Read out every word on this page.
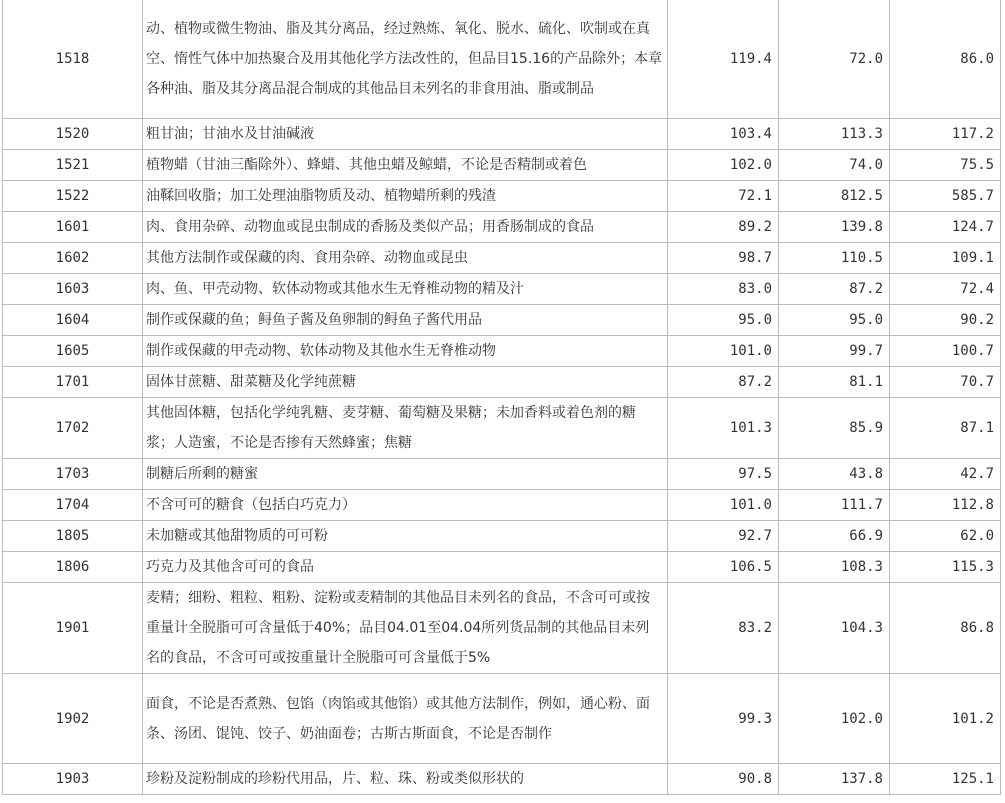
1518	动、植物或微生物油、脂及其分离品，经过熟炼、氧化、脱水、硫化、吹制或在真空、惰性气体中加热聚合及用其他化学方法改性的，但品目15.16的产品除外；本章各种油、脂及其分离品混合制成的其他品目未列名的非食用油、脂或制品	119.4	72.0	86.0
1520	粗甘油；甘油水及甘油碱液	103.4	113.3	117.2
1521	植物蜡（甘油三酯除外）、蜂蜡、其他虫蜡及鲸蜡，不论是否精制或着色	102.0	74.0	75.5
1522	油鞣回收脂；加工处理油脂物质及动、植物蜡所剩的残渣	72.1	812.5	585.7
1601	肉、食用杂碎、动物血或昆虫制成的香肠及类似产品；用香肠制成的食品	89.2	139.8	124.7
1602	其他方法制作或保藏的肉、食用杂碎、动物血或昆虫	98.7	110.5	109.1
1603	肉、鱼、甲壳动物、软体动物或其他水生无脊椎动物的精及汁	83.0	87.2	72.4
1604	制作或保藏的鱼；鲟鱼子酱及鱼卵制的鲟鱼子酱代用品	95.0	95.0	90.2
1605	制作或保藏的甲壳动物、软体动物及其他水生无脊椎动物	101.0	99.7	100.7
1701	固体甘蔗糖、甜菜糖及化学纯蔗糖	87.2	81.1	70.7
1702	其他固体糖，包括化学纯乳糖、麦芽糖、葡萄糖及果糖；未加香料或着色剂的糖浆；人造蜜，不论是否掺有天然蜂蜜；焦糖	101.3	85.9	87.1
1703	制糖后所剩的糖蜜	97.5	43.8	42.7
1704	不含可可的糖食（包括白巧克力）	101.0	111.7	112.8
1805	未加糖或其他甜物质的可可粉	92.7	66.9	62.0
1806	巧克力及其他含可可的食品	106.5	108.3	115.3
1901	麦精；细粉、粗粒、粗粉、淀粉或麦精制的其他品目未列名的食品，不含可可或按重量计全脱脂可可含量低于40%；品目04.01至04.04所列货品制的其他品目未列名的食品，不含可可或按重量计全脱脂可可含量低于5%	83.2	104.3	86.8
1902	面食，不论是否煮熟、包馅（肉馅或其他馅）或其他方法制作，例如，通心粉、面条、汤团、馄饨、饺子、奶油面卷；古斯古斯面食，不论是否制作	99.3	102.0	101.2
1903	珍粉及淀粉制成的珍粉代用品，片、粒、珠、粉或类似形状的	90.8	137.8	125.1
